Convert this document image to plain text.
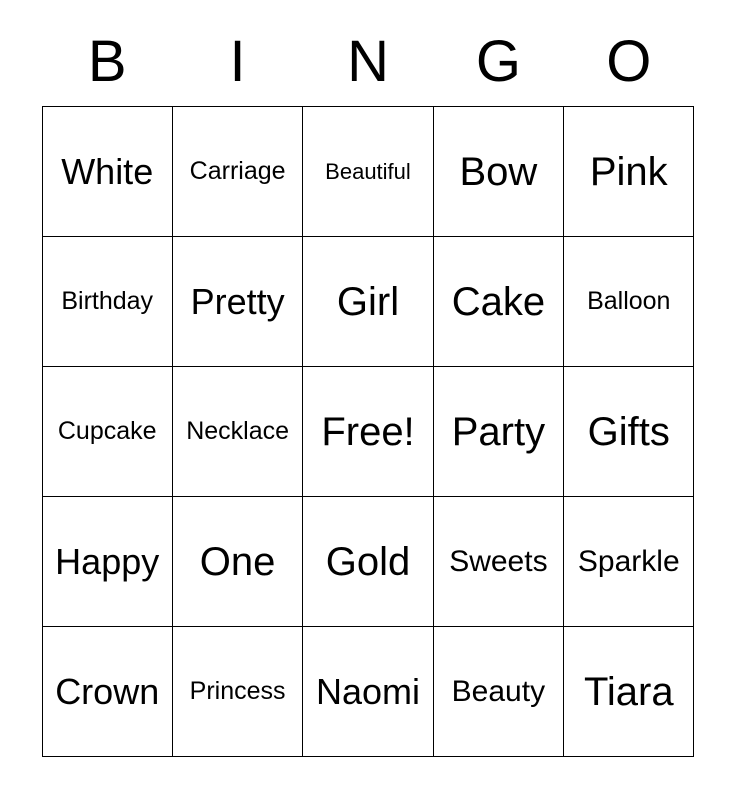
B	I	N	G	O
White	Carriage	Beautiful	Bow	Pink

Birthday	Pretty	Girl	Cake	Balloon

Cupcake	Necklace	Free!	Party	Gifts

Happy	One	Gold	Sweets	Sparkle

Crown	Princess	Naomi	Beauty	Tiara
